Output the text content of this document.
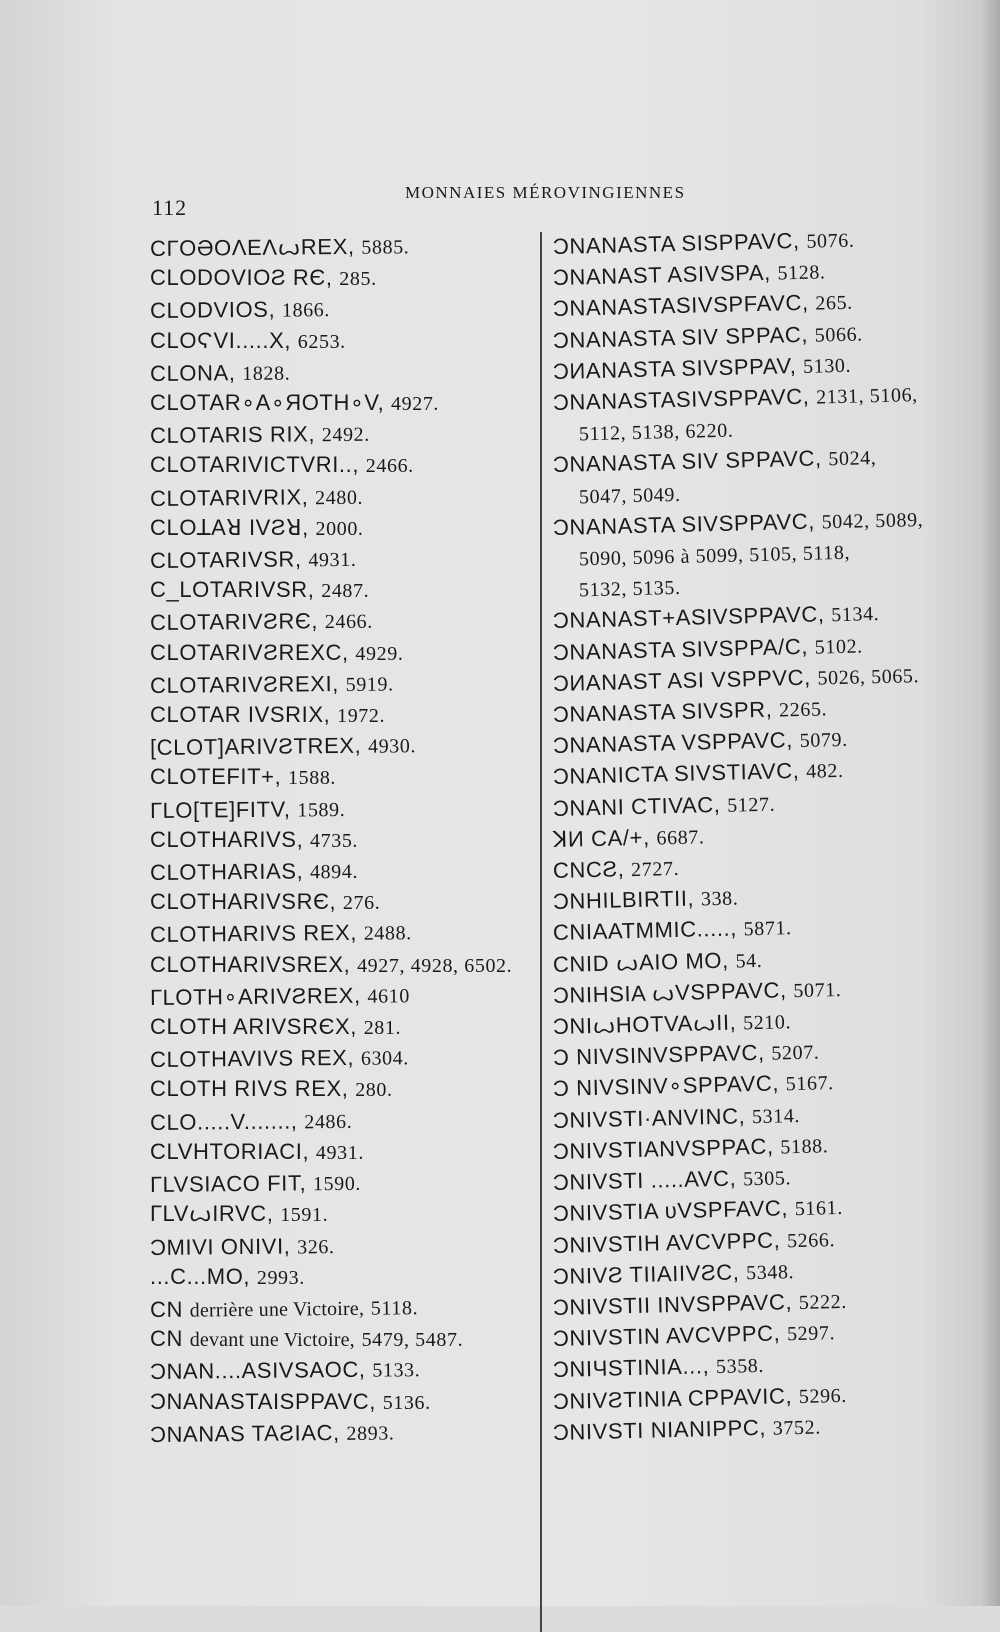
112
MONNAIES MÉROVINGIENNES
CΓOƏOΛEΛꙍREX, 5885.
CLODOVIOƧ RЄ, 285.
CLODVIOS, 1866.
CLOϚVI.....X, 6253.
CLONA, 1828.
CLOTAR∘A∘ЯOTH∘V, 4927.
CLOTARIS RIX, 2492.
CLOTARIVICTVRI.., 2466.
CLOTARIVRIX, 2480.
CLOꓕAꓤ IVƧꓤ, 2000.
CLOTARIVSR, 4931.
C_LOTARIVSR, 2487.
CLOTARIVƧRЄ, 2466.
CLOTARIVƧREXC, 4929.
CLOTARIVƧREXI, 5919.
CLOTAR IVSRIX, 1972.
[CLOT]ARIVƧTREX, 4930.
CLOTEFIT+, 1588.
ГLO[TE]FITV, 1589.
CLOTHARIVS, 4735.
CLOTHARIAS, 4894.
CLOTHARIVSRЄ, 276.
CLOTHARIVS REX, 2488.
CLOTHARIVSREX, 4927, 4928, 6502.
ГLOTH∘ARIVƧREX, 4610
CLOTH ARIVSRЄX, 281.
CLOTHAVIVS REX, 6304.
CLOTH RIVS REX, 280.
CLO.....V......., 2486.
CLVHTORIACI, 4931.
ГLVSIACO FIT, 1590.
ГLVꙍIRVC, 1591.
ƆMIVI ONIVI, 326.
...C...MO, 2993.
CN derrière une Victoire, 5118.
CN devant une Victoire, 5479, 5487.
ƆNAN....ASIVSAOC, 5133.
ƆNANASTAISPPAVC, 5136.
ƆNANAS TAƧIAC, 2893.
ƆNANASTA SISPPAVC, 5076.
ƆNANAST ASIVSPA, 5128.
ƆNANASTASIVSPFAVC, 265.
ƆNANASTA SIV SPPAC, 5066.
ƆИANASTA SIVSPPAV, 5130.
ƆNANASTASIVSPPAVC, 2131, 5106,
5112, 5138, 6220.
ƆNANASTA SIV SPPAVC, 5024,
5047, 5049.
ƆNANASTA SIVSPPAVC, 5042, 5089,
5090, 5096 à 5099, 5105, 5118,
5132, 5135.
ƆNANAST+ASIVSPPAVC, 5134.
ƆNANASTA SIVSPPA/C, 5102.
ƆИANAST ASI VSPPVC, 5026, 5065.
ƆNANASTA SIVSPR, 2265.
ƆNANASTA VSPPAVC, 5079.
ƆNANICTA SIVSTIAVC, 482.
ƆNANI CTIVAC, 5127.
ꓘИ CA/+, 6687.
CNCƧ, 2727.
ƆNHILBIRTII, 338.
CNIAATMMIC....., 5871.
CNID ꙍAIO MO, 54.
ƆNIHSIA ꙍVSPPAVC, 5071.
ƆNIꙍHOTVAꙍII, 5210.
Ɔ NIVSINVSPPAVC, 5207.
Ɔ NIVSINV∘SPPAVC, 5167.
ƆNIVSTI·ANVINC, 5314.
ƆNIVSTIANVSPPAC, 5188.
ƆNIVSTI .....AVC, 5305.
ƆNIVSTIA ᴜVSPFAVC, 5161.
ƆNIVSTIH AVCVPPC, 5266.
ƆNIVƧ TIIAIIVƧC, 5348.
ƆNIVSTII INVSPPAVC, 5222.
ƆNIVSTIN AVCVPPC, 5297.
ƆNIЧSTINIA..., 5358.
ƆNIVƧTINIA CPPAVIC, 5296.
ƆNIVSTI NIANIPPC, 3752.
